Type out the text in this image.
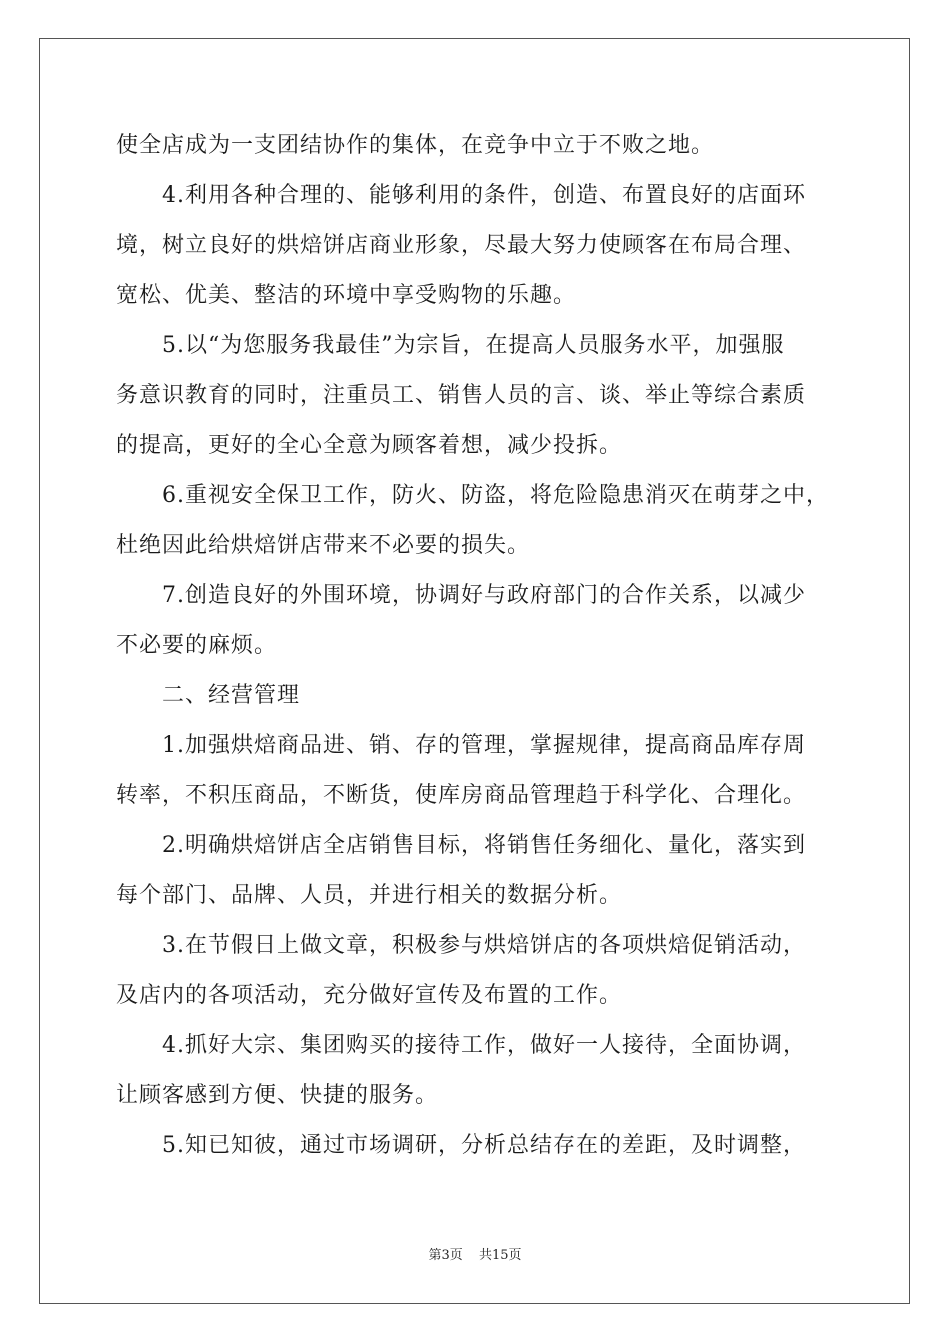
使全店成为一支团结协作的集体，在竞争中立于不败之地。
4.利用各种合理的、能够利用的条件，创造、布置良好的店面环
境，树立良好的烘焙饼店商业形象，尽最大努力使顾客在布局合理、
宽松、优美、整洁的环境中享受购物的乐趣。
5.以“为您服务我最佳”为宗旨，在提高人员服务水平，加强服
务意识教育的同时，注重员工、销售人员的言、谈、举止等综合素质
的提高，更好的全心全意为顾客着想，减少投拆。
6.重视安全保卫工作，防火、防盗，将危险隐患消灭在萌芽之中，
杜绝因此给烘焙饼店带来不必要的损失。
7.创造良好的外围环境，协调好与政府部门的合作关系，以减少
不必要的麻烦。
二、经营管理
1.加强烘焙商品进、销、存的管理，掌握规律，提高商品库存周
转率，不积压商品，不断货，使库房商品管理趋于科学化、合理化。
2.明确烘焙饼店全店销售目标，将销售任务细化、量化，落实到
每个部门、品牌、人员，并进行相关的数据分析。
3.在节假日上做文章，积极参与烘焙饼店的各项烘焙促销活动，
及店内的各项活动，充分做好宣传及布置的工作。
4.抓好大宗、集团购买的接待工作，做好一人接待，全面协调，
让顾客感到方便、快捷的服务。
5.知已知彼，通过市场调研，分析总结存在的差距，及时调整，
第3页 共15页
